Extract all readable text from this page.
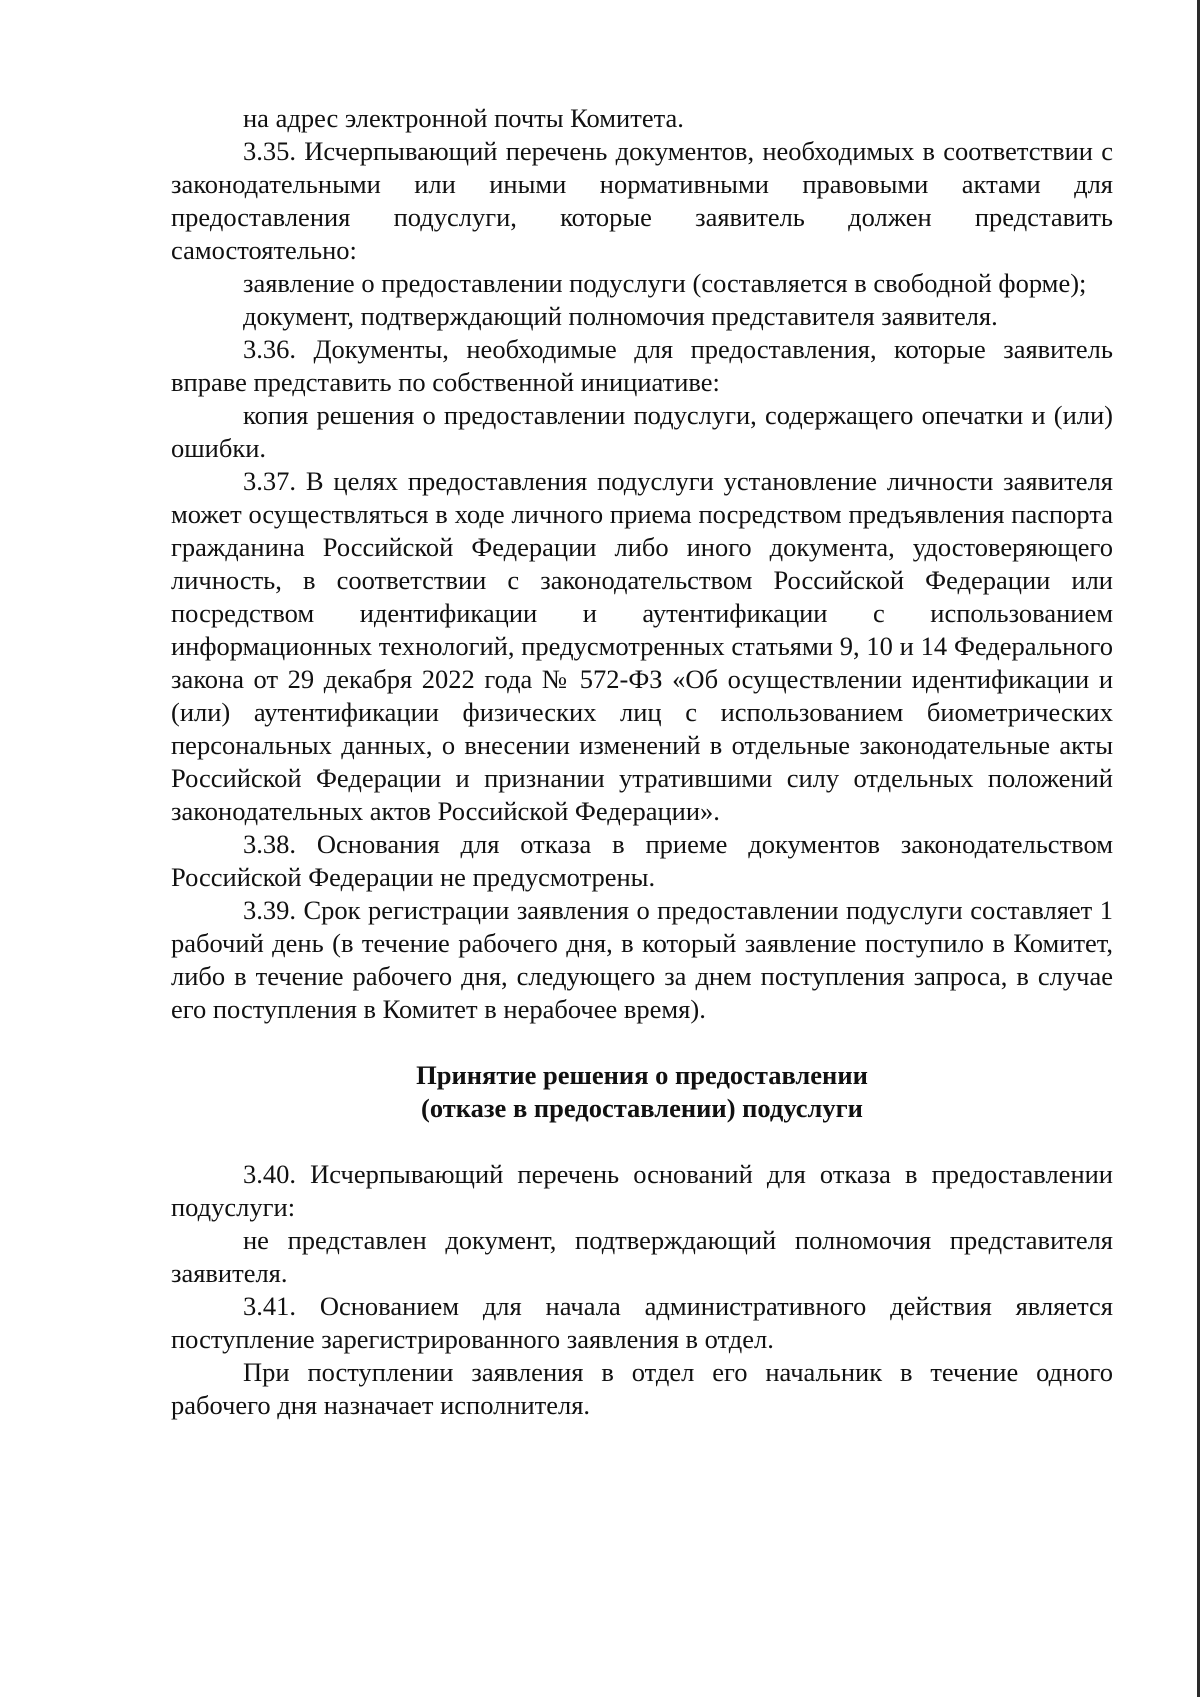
на адрес электронной почты Комитета.

3.35. Исчерпывающий перечень документов, необходимых в соответствии с законодательными или иными нормативными правовыми актами для предоставления подуслуги, которые заявитель должен представить самостоятельно:

заявление о предоставлении подуслуги (составляется в свободной форме);

документ, подтверждающий полномочия представителя заявителя.

3.36. Документы, необходимые для предоставления, которые заявитель вправе представить по собственной инициативе:

копия решения о предоставлении подуслуги, содержащего опечатки и (или) ошибки.

3.37. В целях предоставления подуслуги установление личности заявителя может осуществляться в ходе личного приема посредством предъявления паспорта гражданина Российской Федерации либо иного документа, удостоверяющего личность, в соответствии с законодательством Российской Федерации или посредством идентификации и аутентификации с использованием информационных технологий, предусмотренных статьями 9, 10 и 14 Федерального закона от 29 декабря 2022 года № 572-ФЗ «Об осуществлении идентификации и (или) аутентификации физических лиц с использованием биометрических персональных данных, о внесении изменений в отдельные законодательные акты Российской Федерации и признании утратившими силу отдельных положений законодательных актов Российской Федерации».

3.38. Основания для отказа в приеме документов законодательством Российской Федерации не предусмотрены.

3.39. Срок регистрации заявления о предоставлении подуслуги составляет 1 рабочий день (в течение рабочего дня, в который заявление поступило в Комитет, либо в течение рабочего дня, следующего за днем поступления запроса, в случае его поступления в Комитет в нерабочее время).

Принятие решения о предоставлении
(отказе в предоставлении) подуслуги

3.40. Исчерпывающий перечень оснований для отказа в предоставлении подуслуги:

не представлен документ, подтверждающий полномочия представителя заявителя.

3.41. Основанием для начала административного действия является поступление зарегистрированного заявления в отдел.

При поступлении заявления в отдел его начальник в течение одного рабочего дня назначает исполнителя.
